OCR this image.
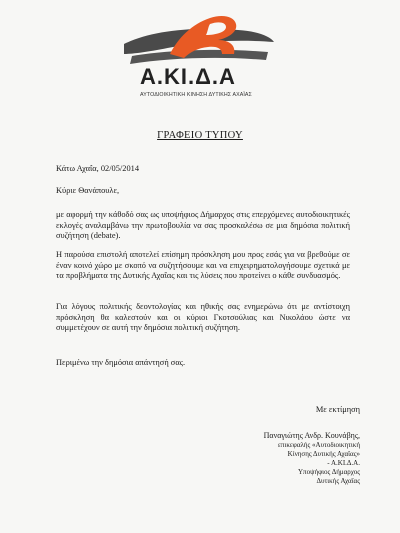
Α.ΚΙ.Δ.Α
ΑΥΤΟΔΙΟΙΚΗΤΙΚΗ ΚΙΝΗΣΗ ΔΥΤΙΚΗΣ ΑΧΑΪΑΣ
ΓΡΑΦΕΙΟ ΤΥΠΟΥ
Κάτω Αχαΐα, 02/05/2014
Κύριε Θανάπουλε,
με αφορμή την κάθοδό σας ως υποψήφιος Δήμαρχος στις επερχόμενες αυτοδιοικητικές εκλογές αναλαμβάνω την πρωτοβουλία να σας προσκαλέσω σε μια δημόσια πολιτική συζήτηση (debate).
Η παρούσα επιστολή αποτελεί επίσημη πρόσκληση μου προς εσάς για να βρεθούμε σε έναν κοινό χώρο με σκοπό να συζητήσουμε και να επιχειρηματολογήσουμε σχετικά με τα προβλήματα της Δυτικής Αχαΐας και τις λύσεις που προτείνει ο κάθε συνδυασμός.
Για λόγους πολιτικής δεοντολογίας και ηθικής σας ενημερώνω ότι με αντίστοιχη πρόσκληση θα καλεστούν και οι κύριοι Γκοτσούλιας και Νικολάου ώστε να συμμετέχουν σε αυτή την δημόσια πολιτική συζήτηση.
Περιμένω την δημόσια απάντησή σας.
Με εκτίμηση
Παναγιώτης Ανδρ. Κουνάβης,
επικεφαλής «Αυτοδιοικητική
Κίνησης Δυτικής Αχαΐας»
- Α.ΚΙ.Δ.Α.
Υποψήφιος Δήμαρχος
Δυτικής Αχαΐας
